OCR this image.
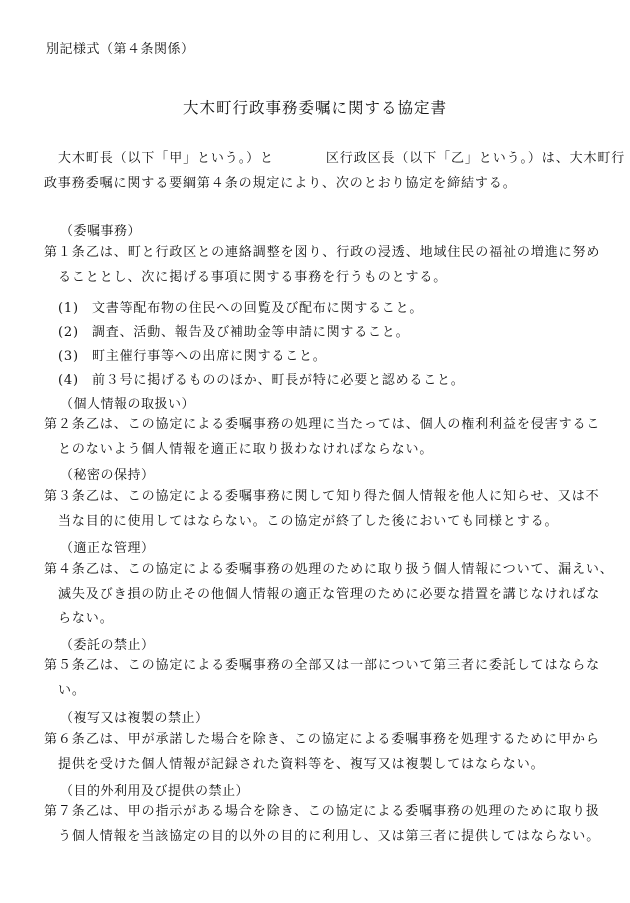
別記様式（第４条関係）
大木町行政事務委嘱に関する協定書
大木町長（以下「甲」という。）と	区行政区長（以下「乙」という。）は、大木町行
政事務委嘱に関する要綱第４条の規定により、次のとおり協定を締結する。
（委嘱事務）
第１条乙は、町と行政区との連絡調整を図り、行政の浸透、地域住民の福祉の増進に努め
ることとし、次に掲げる事項に関する事務を行うものとする。
(1) 文書等配布物の住民への回覧及び配布に関すること。
(2) 調査、活動、報告及び補助金等申請に関すること。
(3) 町主催行事等への出席に関すること。
(4) 前３号に掲げるもののほか、町長が特に必要と認めること。
（個人情報の取扱い）
第２条乙は、この協定による委嘱事務の処理に当たっては、個人の権利利益を侵害するこ
とのないよう個人情報を適正に取り扱わなければならない。
（秘密の保持）
第３条乙は、この協定による委嘱事務に関して知り得た個人情報を他人に知らせ、又は不
当な目的に使用してはならない。この協定が終了した後においても同様とする。
（適正な管理）
第４条乙は、この協定による委嘱事務の処理のために取り扱う個人情報について、漏えい、
滅失及びき損の防止その他個人情報の適正な管理のために必要な措置を講じなければな
らない。
（委託の禁止）
第５条乙は、この協定による委嘱事務の全部又は一部について第三者に委託してはならな
い。
（複写又は複製の禁止）
第６条乙は、甲が承諾した場合を除き、この協定による委嘱事務を処理するために甲から
提供を受けた個人情報が記録された資料等を、複写又は複製してはならない。
（目的外利用及び提供の禁止）
第７条乙は、甲の指示がある場合を除き、この協定による委嘱事務の処理のために取り扱
う個人情報を当該協定の目的以外の目的に利用し、又は第三者に提供してはならない。
